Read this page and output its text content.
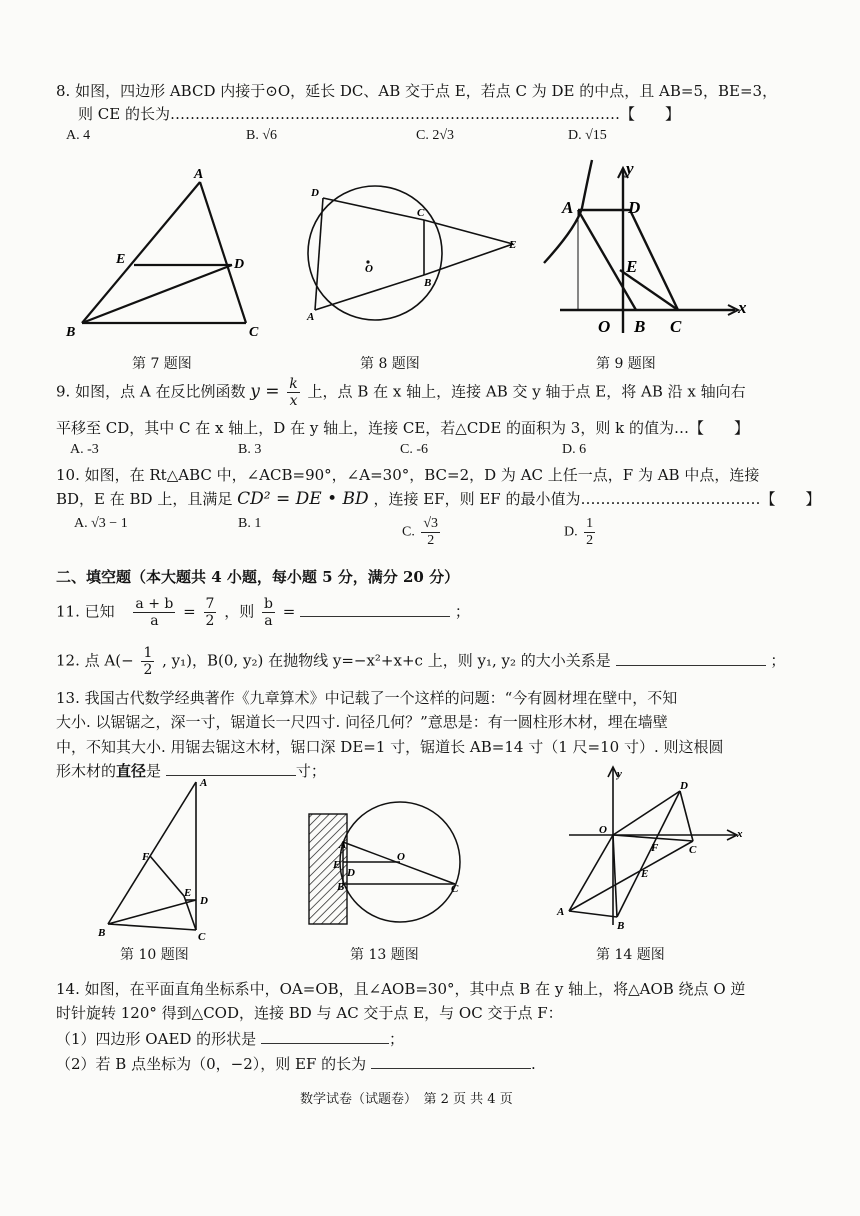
8. 如图，四边形 ABCD 内接于⊙O，延长 DC、AB 交于点 E，若点 C 为 DE 的中点，且 AB=5，BE=3，
则 CE 的长为………………………………………………………………………………【　　】
A. 4	B. √6	C. 2√3	D. √15
A
E	D
B	C
第 7 题图
D
C
O
E
B
A
第 8 题图
y
A	D
E
O B C
x
第 9 题图
9. 如图，点 A 在反比例函数 $y = \frac{k}{x}$ 上，点 B 在 x 轴上，连接 AB 交 y 轴于点 E，将 AB 沿 x 轴向右
平移至 CD，其中 C 在 x 轴上，D 在 y 轴上，连接 CE，若△CDE 的面积为 3，则 k 的值为…【　　】
A. -3	B. 3	C. -6	D. 6
10. 如图，在 Rt△ABC 中，∠ACB=90°，∠A=30°，BC=2，D 为 AC 上任一点，F 为 AB 中点，连接
BD，E 在 BD 上，且满足 CD² = DE • BD ，连接 EF，则 EF 的最小值为………………………………【　　】
A. √3 − 1	B. 1
C. $\frac{√3}{2}$	D. $\frac{1}{2}$
二、填空题（本大题共 4 小题，每小题 5 分，满分 20 分）
11. 已知 $\frac{a + b}{a} = \frac{7}{2}$ ，则 $\frac{b}{a}$ =	；
12. 点 $A(- \frac{1}{2}$ , y₁)，B(0, y₂) 在抛物线 y=−x²+x+c 上，则 y₁, y₂ 的大小关系是	；
13. 我国古代数学经典著作《九章算术》中记载了一个这样的问题：“今有圆材埋在壁中，不知
大小. 以锯锯之，深一寸，锯道长一尺四寸. 问径几何？”意思是：有一圆柱形木材，埋在墙壁
中，不知其大小. 用锯去锯这木材，锯口深 DE=1 寸，锯道长 AB=14 寸（1 尺=10 寸）. 则这根圆
形木材的直径是	寸；
A
F
E
D
B	C
第 10 题图
A
O
C
D
E
B
第 13 题图
y
D
O	x
F	C
E
A
B
第 14 题图
14. 如图，在平面直角坐标系中，OA=OB，且∠AOB=30°，其中点 B 在 y 轴上，将△AOB 绕点 O 逆
时针旋转 120° 得到△COD，连接 BD 与 AC 交于点 E，与 OC 交于点 F：
（1）四边形 OAED 的形状是	；
（2）若 B 点坐标为（0，−2），则 EF 的长为	.
数学试卷（试题卷）　第 2 页 共 4 页
